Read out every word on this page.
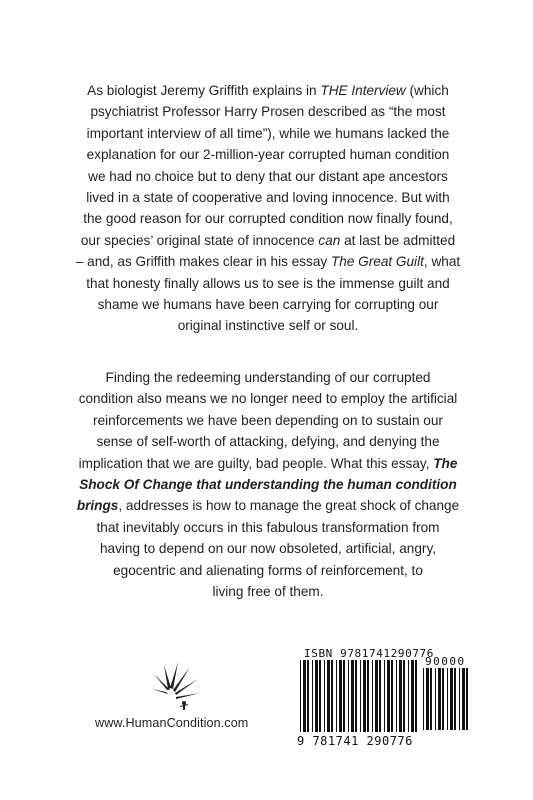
As biologist Jeremy Griffith explains in THE Interview (which
psychiatrist Professor Harry Prosen described as “the most
important interview of all time”), while we humans lacked the
explanation for our 2-million-year corrupted human condition
we had no choice but to deny that our distant ape ancestors
lived in a state of cooperative and loving innocence. But with
the good reason for our corrupted condition now finally found,
our species’ original state of innocence can at last be admitted
– and, as Griffith makes clear in his essay The Great Guilt, what
that honesty finally allows us to see is the immense guilt and
shame we humans have been carrying for corrupting our
original instinctive self or soul.
Finding the redeeming understanding of our corrupted
condition also means we no longer need to employ the artificial
reinforcements we have been depending on to sustain our
sense of self-worth of attacking, defying, and denying the
implication that we are guilty, bad people. What this essay, The
Shock Of Change that understanding the human condition
brings, addresses is how to manage the great shock of change
that inevitably occurs in this fabulous transformation from
having to depend on our now obsoleted, artificial, angry,
egocentric and alienating forms of reinforcement, to
living free of them.
www.HumanCondition.com
ISBN 9781741290776
90000
9 781741 290776
